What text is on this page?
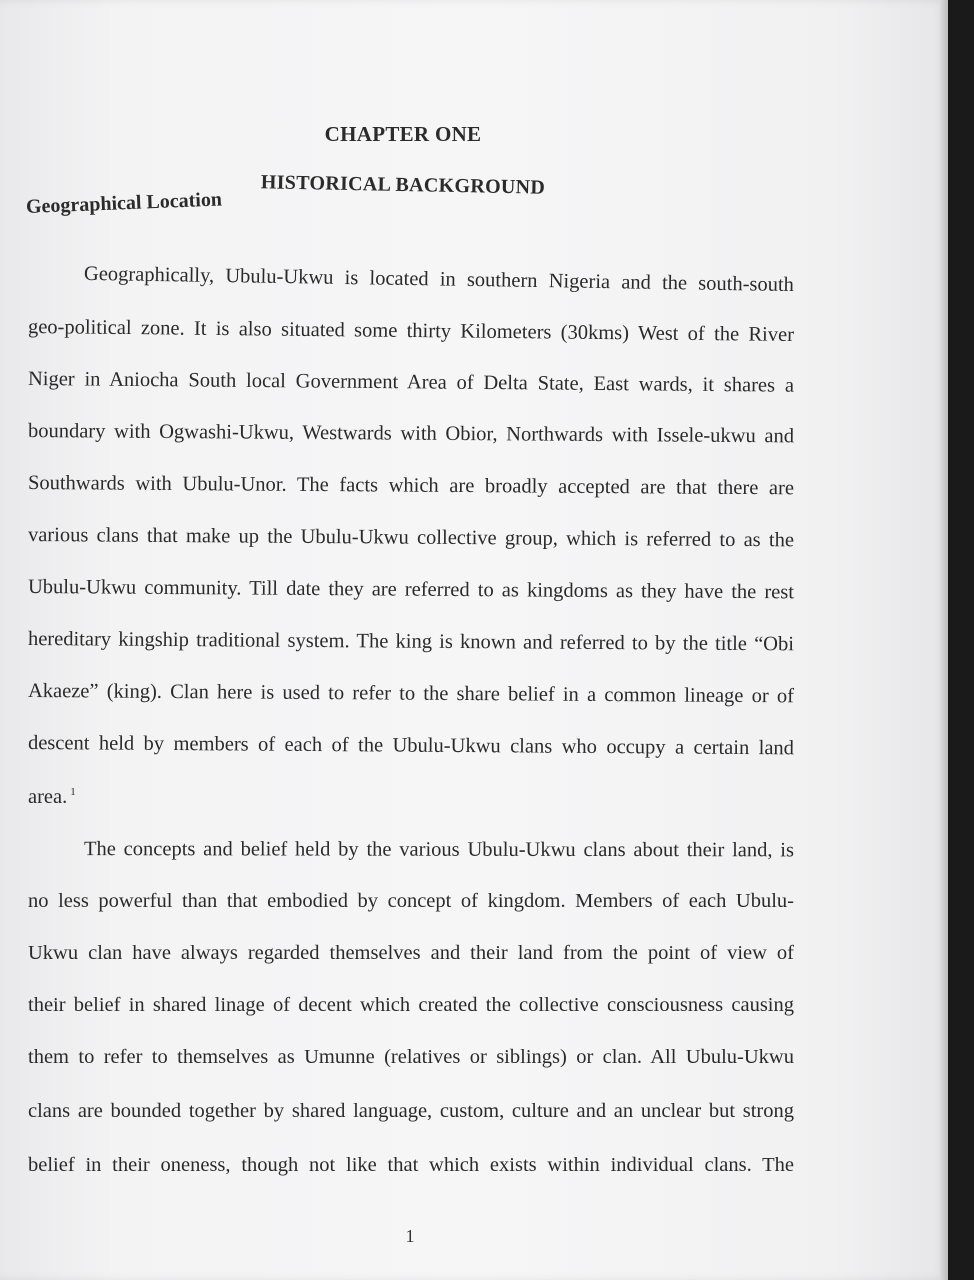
CHAPTER ONE
HISTORICAL BACKGROUND
Geographical Location
Geographically, Ubulu-Ukwu is located in southern Nigeria and the south-south
geo-political zone. It is also situated some thirty Kilometers (30kms) West of the River
Niger in Aniocha South local Government Area of Delta State, East wards, it shares a
boundary with Ogwashi-Ukwu, Westwards with Obior, Northwards with Issele-ukwu and
Southwards with Ubulu-Unor. The facts which are broadly accepted are that there are
various clans that make up the Ubulu-Ukwu collective group, which is referred to as the
Ubulu-Ukwu community. Till date they are referred to as kingdoms as they have the rest
hereditary kingship traditional system. The king is known and referred to by the title “Obi
Akaeze” (king). Clan here is used to refer to the share belief in a common lineage or of
descent held by members of each of the Ubulu-Ukwu clans who occupy a certain land
area. $^1$
The concepts and belief held by the various Ubulu-Ukwu clans about their land, is
no less powerful than that embodied by concept of kingdom. Members of each Ubulu-
Ukwu clan have always regarded themselves and their land from the point of view of
their belief in shared linage of decent which created the collective consciousness causing
them to refer to themselves as Umunne (relatives or siblings) or clan. All Ubulu-Ukwu
clans are bounded together by shared language, custom, culture and an unclear but strong
belief in their oneness, though not like that which exists within individual clans. The
1
